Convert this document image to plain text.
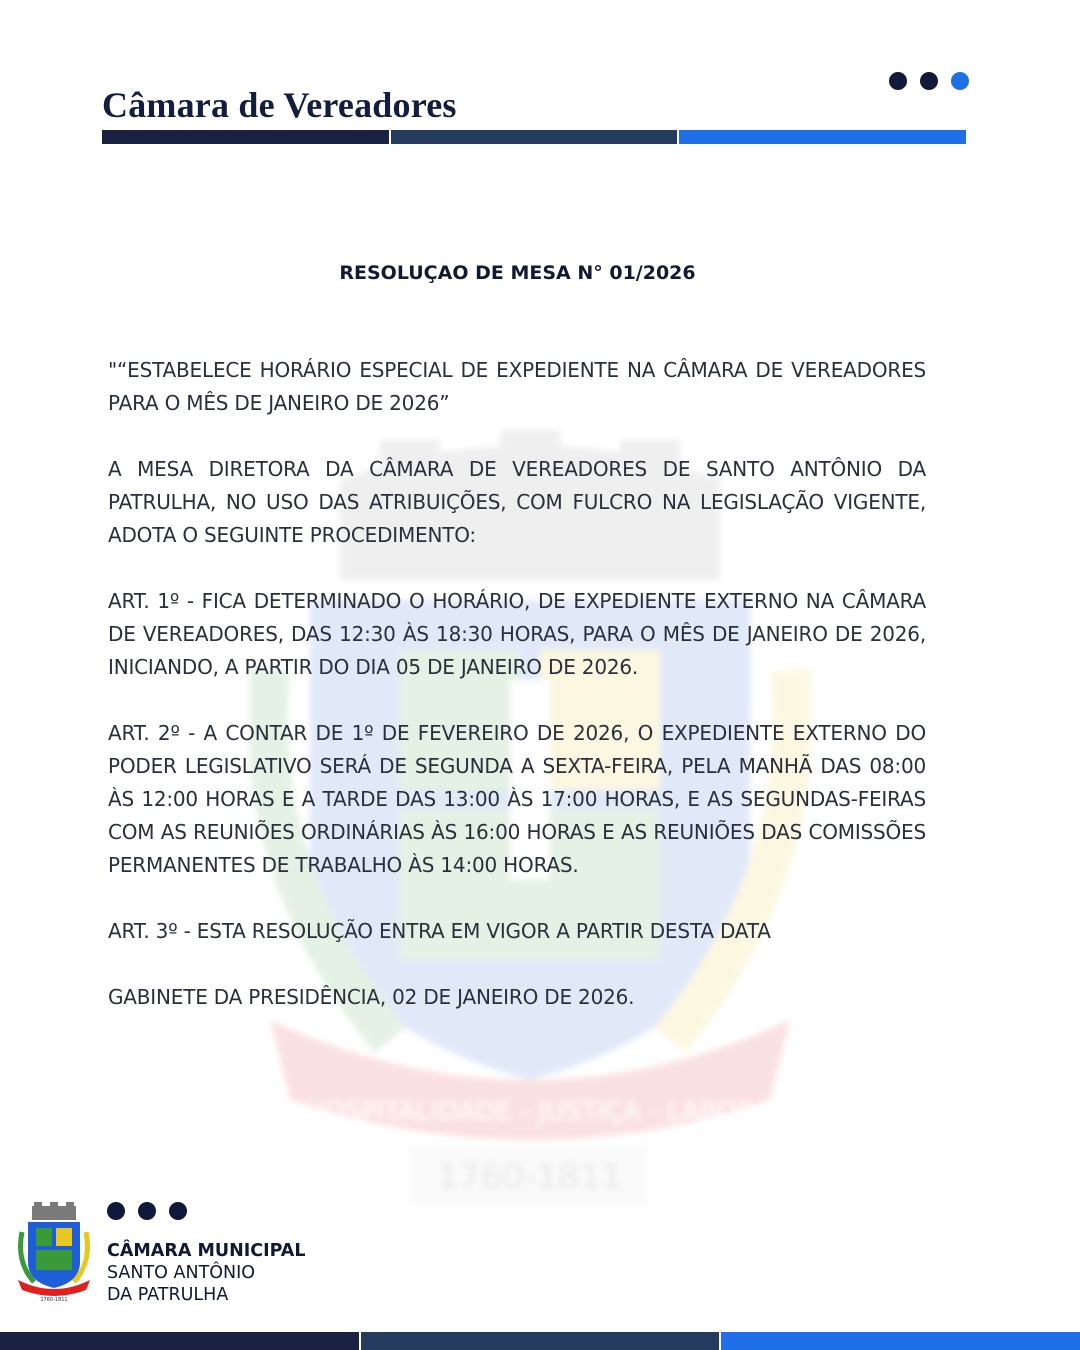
Câmara de Vereadores
HOSPITALIDADE - JUSTIÇA - LABOR
1760-1811
RESOLUÇAO DE MESA N° 01/2026

"“ESTABELECE HORÁRIO ESPECIAL DE EXPEDIENTE NA CÂMARA DE VEREADORES PARA O MÊS DE JANEIRO DE 2026”

A MESA DIRETORA DA CÂMARA DE VEREADORES DE SANTO ANTÔNIO DA PATRULHA, NO USO DAS ATRIBUIÇÕES, COM FULCRO NA LEGISLAÇÃO VIGENTE, ADOTA O SEGUINTE PROCEDIMENTO:

ART. 1º - FICA DETERMINADO O HORÁRIO, DE EXPEDIENTE EXTERNO NA CÂMARA DE VEREADORES, DAS 12:30 ÀS 18:30 HORAS, PARA O MÊS DE JANEIRO DE 2026, INICIANDO, A PARTIR DO DIA 05 DE JANEIRO DE 2026.

ART. 2º - A CONTAR DE 1º DE FEVEREIRO DE 2026, O EXPEDIENTE EXTERNO DO PODER LEGISLATIVO SERÁ DE SEGUNDA A SEXTA-FEIRA, PELA MANHÃ DAS 08:00 ÀS 12:00 HORAS E A TARDE DAS 13:00 ÀS 17:00 HORAS, E AS SEGUNDAS-FEIRAS COM AS REUNIÕES ORDINÁRIAS ÀS 16:00 HORAS E AS REUNIÕES DAS COMISSÕES PERMANENTES DE TRABALHO ÀS 14:00 HORAS.

ART. 3º - ESTA RESOLUÇÃO ENTRA EM VIGOR A PARTIR DESTA DATA

GABINETE DA PRESIDÊNCIA, 02 DE JANEIRO DE 2026.

1760-1811
CÂMARA MUNICIPAL
SANTO ANTÔNIO
DA PATRULHA
